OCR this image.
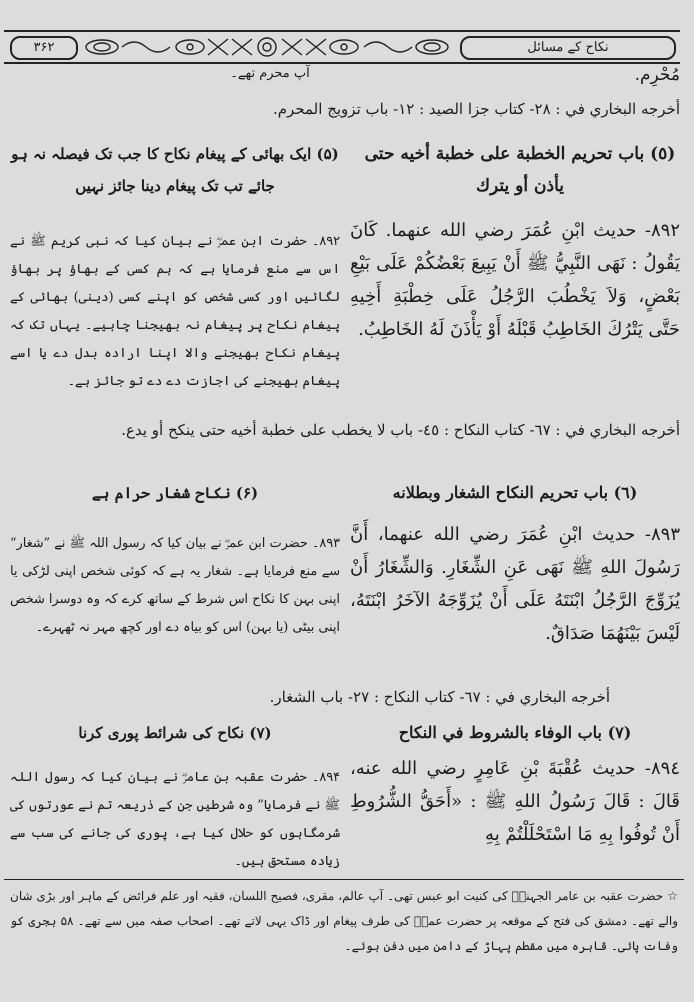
۳۶۲	نکاح کے مسائل
آپ محرم تھے۔	مُحْرِم.
أخرجه البخاري في : ٢٨- كتاب جزا الصيد : ١٢- باب تزويج المحرم.
(٥) باب تحريم الخطبة على خطبة أخيه حتى يأذن أو يترك
(۵) ایک بھائی کے پیغام نکاح کا جب تک فیصلہ نہ ہو جائے تب تک پیغام دینا جائز نہیں
٨٩٢- حديث ابْنِ عُمَرَ رضي الله عنهما. كَانَ يَقُولُ : نَهَى النَّبِيُّ ﷺ أَنْ يَبِيعَ بَعْضُكُمْ عَلَى بَيْعِ بَعْضٍ، وَلاَ يَخْطُبَ الرَّجُلُ عَلَى خِطْبَةِ أَخِيهِ حَتَّى يَتْرُكَ الخَاطِبُ قَبْلَهُ أَوْ يَأْذَنَ لَهُ الخَاطِبُ.
۸۹۲۔ حضرت ابن عمرؓ نے بیان کیا کہ نبی کریم ﷺ نے اس سے منع فرمایا ہے کہ ہم کسی کے بھاؤ پر بھاؤ لگائیں اور کسی شخص کو اپنے کسی (دینی) بھائی کے پیغام نکاح پر پیغام نہ بھیجنا چاہیے۔ یہاں تک کہ پیغام نکاح بھیجنے والا اپنا ارادہ بدل دے یا اسے پیغام بھیجنے کی اجازت دے دے تو جائز ہے۔
أخرجه البخاري في : ٦٧- كتاب النكاح : ٤٥- باب لا يخطب على خطبة أخيه حتى ينكح أو يدع.
(٦) باب تحريم النكاح الشغار وبطلانه
(۶) نکاح شغار حرام ہے
٨٩٣- حديث ابْنِ عُمَرَ رضي الله عنهما، أَنَّ رَسُولَ اللهِ ﷺ نَهَى عَنِ الشِّغَارِ. وَالشِّغَارُ أَنْ يُزَوِّجَ الرَّجُلُ ابْنَتَهُ عَلَى أَنْ يُزَوِّجَهُ الآخَرُ ابْنَتَهُ، لَيْسَ بَيْنَهُمَا صَدَاقٌ.
۸۹۳۔ حضرت ابن عمرؓ نے بیان کیا کہ رسول اللہ ﷺ نے ”شغار“ سے منع فرمایا ہے۔ شغار یہ ہے کہ کوئی شخص اپنی لڑکی یا اپنی بہن کا نکاح اس شرط کے ساتھ کرے کہ وہ دوسرا شخص اپنی بیٹی (یا بہن) اس کو بیاہ دے اور کچھ مہر نہ ٹھہرے۔
أخرجه البخاري في : ٦٧- كتاب النكاح : ٢٧- باب الشغار.
(٧) باب الوفاء بالشروط في النكاح
(۷) نکاح کی شرائط پوری کرنا
٨٩٤- حديث عُقْبَةَ بْنِ عَامِرٍ رضي الله عنه، قَالَ : قَالَ رَسُولُ اللهِ ﷺ : «أَحَقُّ الشُّرُوطِ أَنْ تُوفُوا بِهِ مَا اسْتَحْلَلْتُمْ بِهِ
۸۹۴۔ حضرت عقبہ بن عامرؓ نے بیان کیا کہ رسول اللہ ﷺ نے فرمایا” وہ شرطیں جن کے ذریعہ تم نے عورتوں کی شرمگاہوں کو حلال کیا ہے، پوری کی جانے کی سب سے زیادہ مستحق ہیں۔
☆حضرت عقبہ بن عامر الجہنیؓ کی کنیت ابو عبس تھی۔ آپ عالم، مقری، فصیح اللسان، فقیہ اور علم فرائض کے ماہر اور بڑی شان والے تھے۔ دمشق کی فتح کے موقعہ پر حضرت عمرؓ کی طرف پیغام اور ڈاک یہی لاتے تھے۔ اصحاب صفہ میں سے تھے۔ ۵۸ ہجری کو وفات پائی۔ قاہرہ میں مقطم پہاڑ کے دامن میں دفن ہوئے۔
